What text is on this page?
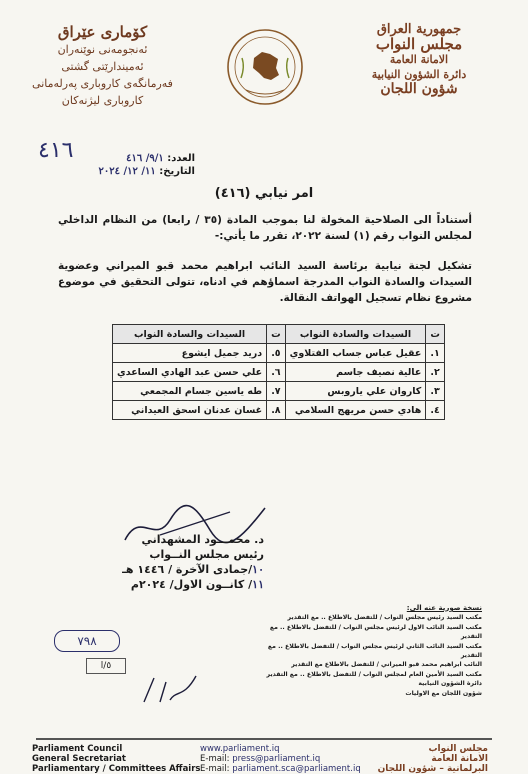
جمهورية العراق
مجلس النواب
الامانة العامة
دائرة الشؤون النيابية
شؤون اللجان
كۆماری عێراق
ئه‌نجومه‌نی نوێنه‌ران
ئه‌میندارێتی گشتی
فه‌رمانگه‌ی كاروباری په‌رله‌مانی
كاروباری لیژنه‌كان
٤١٦	العدد: ٩/١/ ٤١٦
التاريخ: ١١/ ١٢/ ٢٠٢٤
امر نيابي (٤١٦)
أستناداً الى الصلاحية المخولة لنا بموجب المادة (٣٥ / رابعا) من النظام الداخلي لمجلس النواب رقم (١) لسنة ٢٠٢٢، تقرر ما يأتي:-
تشكيل لجنة نيابية برئاسة السيد النائب ابراهيم محمد قبو الميراني وعضوية السيدات والسادة النواب المدرجة اسماؤهم في ادناه، تتولى التحقيق في موضوع مشروع نظام تسجيل الهواتف النقالة.
ت	السيدات والسادة النواب	ت	السيدات والسادة النواب
١.	عقيل عباس جساب الفتلاوي	٥.	دريد جميل ايشوع
٢.	عالية نصيف جاسم	٦.	علي حسن عبد الهادي الساعدي
٣.	كاروان علي ياروبس	٧.	طه ياسين جسام المجمعي
٤.	هادي حسن مريهج السلامي	٨.	غسان عدنان اسحق العيداني
د. محمـــود المشهداني
رئيس مجلس النــواب
١٠/جمادى الآخرة / ١٤٤٦ هـ
١١/ كانــون الاول/ ٢٠٢٤م
نسخة صورية عنه الى:
مكتب السيد رئيس مجلس النواب / للتفضل بالاطلاع .. مع التقدير
مكتب السيد النائب الاول لرئيس مجلس النواب / للتفضل بالاطلاع .. مع التقدير
مكتب السيد النائب الثاني لرئيس مجلس النواب / للتفضل بالاطلاع .. مع التقدير
النائب ابراهيم محمد قبو الميراني / للتفضل بالاطلاع مع التقدير
مكتب السيد الأمين العام لمجلس النواب / للتفضل بالاطلاع .. مع التقدير
دائرة الشؤون النيابية
شؤون اللجان مع الاوليات
٧٩٨
٥/ا
Parliament Council
General Secretariat
Parliamentary / Committees Affairs
www.parliament.iq
E-mail: press@parliament.iq
E-mail: parliament.sca@parliament.iq
مجلس النواب
الامانة العامة
البرلمانية – شؤون اللجان
